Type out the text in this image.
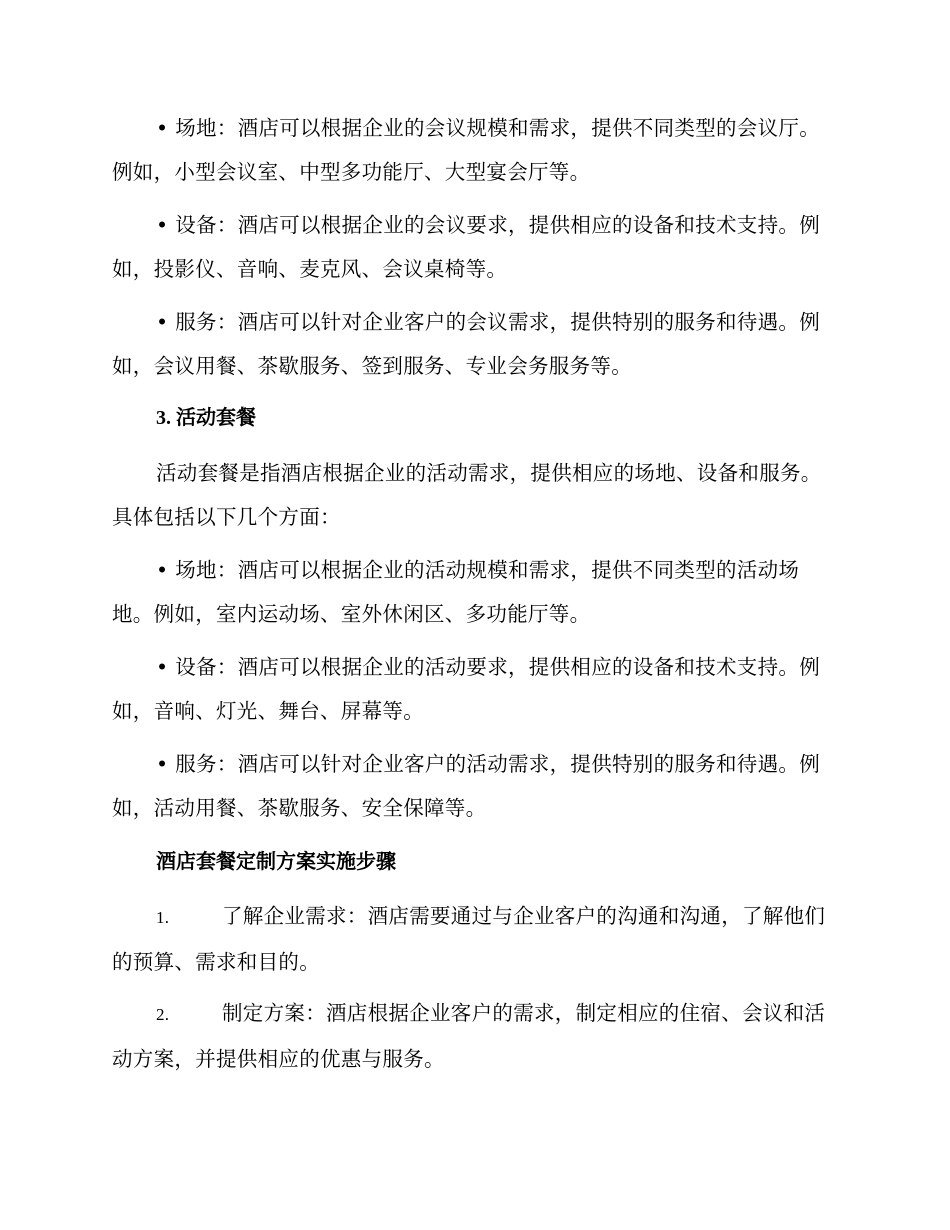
• 场地：酒店可以根据企业的会议规模和需求，提供不同类型的会议厅。例如，小型会议室、中型多功能厅、大型宴会厅等。

• 设备：酒店可以根据企业的会议要求，提供相应的设备和技术支持。例如，投影仪、音响、麦克风、会议桌椅等。

• 服务：酒店可以针对企业客户的会议需求，提供特别的服务和待遇。例如，会议用餐、茶歇服务、签到服务、专业会务服务等。

3. 活动套餐

活动套餐是指酒店根据企业的活动需求，提供相应的场地、设备和服务。具体包括以下几个方面：

• 场地：酒店可以根据企业的活动规模和需求，提供不同类型的活动场地。例如，室内运动场、室外休闲区、多功能厅等。

• 设备：酒店可以根据企业的活动要求，提供相应的设备和技术支持。例如，音响、灯光、舞台、屏幕等。

• 服务：酒店可以针对企业客户的活动需求，提供特别的服务和待遇。例如，活动用餐、茶歇服务、安全保障等。

酒店套餐定制方案实施步骤

1.	了解企业需求：酒店需要通过与企业客户的沟通和沟通，了解他们的预算、需求和目的。

2.	制定方案：酒店根据企业客户的需求，制定相应的住宿、会议和活动方案，并提供相应的优惠与服务。
